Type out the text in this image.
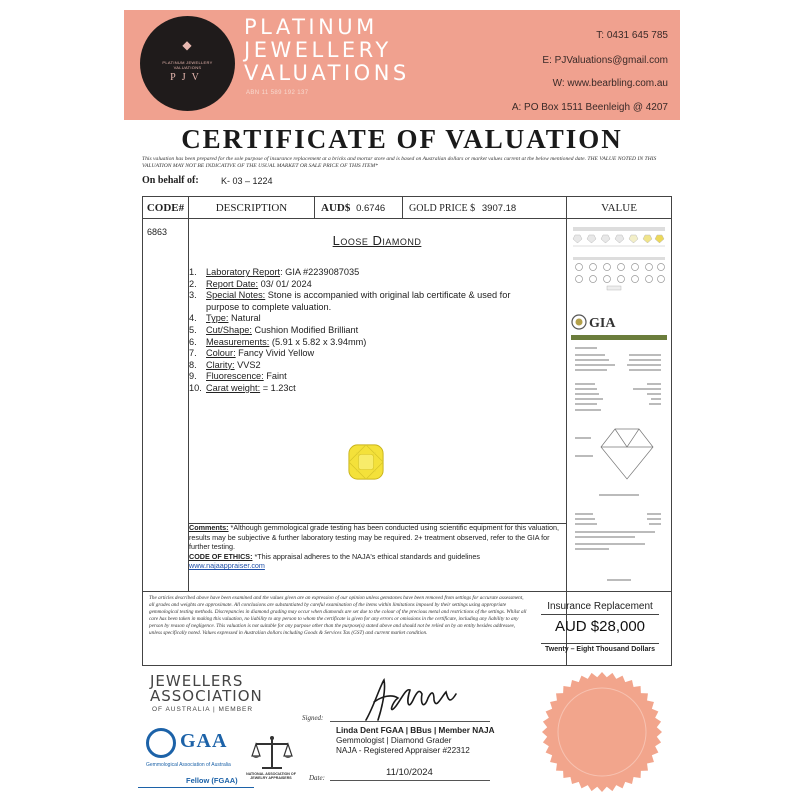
◆
PLATINUM JEWELLERY VALUATIONS
PJV
PLATINUM
JEWELLERY
VALUATIONS
ABN 11 589 192 137
T: 0431 645 785
E: PJValuations@gmail.com
W: www.bearbling.com.au
A: PO Box 1511 Beenleigh @ 4207
CERTIFICATE OF VALUATION
This valuation has been prepared for the sole purpose of insurance replacement at a bricks and mortar store and is based on Australian dollars or market values current at the below mentioned date. THE VALUE NOTED IN THIS VALUATION MAY NOT BE INDICATIVE OF THE USUAL MARKET OR SALE PRICE OF THIS ITEM*
On behalf of: K- 03 – 1224
CODE#	DESCRIPTION	AUD$ 0.6746	GOLD PRICE $ 3907.18	VALUE
6863
Loose Diamond
1.	Laboratory Report: GIA #2239087035
2.	Report Date: 03/ 01/ 2024
3.	Special Notes: Stone is accompanied with original lab certificate & used for purpose to complete valuation.
4.	Type: Natural
5.	Cut/Shape: Cushion Modified Brilliant
6.	Measurements: (5.91 x 5.82 x 3.94mm)
7.	Colour: Fancy Vivid Yellow
8.	Clarity: VVS2
9.	Fluorescence: Faint
10. Carat weight: = 1.23ct
Comments: *Although gemmological grade testing has been conducted using scientific equipment for this valuation, results may be subjective & further laboratory testing may be required. 2+ treatment observed, refer to the GIA for further testing.
CODE OF ETHICS: *This appraisal adheres to the NAJA's ethical standards and guidelines
www.najaappraiser.com
The articles described above have been examined and the values given are an expression of our opinion unless gemstones have been removed from settings for accurate assessment, all grades and weights are approximate. All conclusions are substantiated by careful examination of the items within limitations imposed by their settings using appropriate gemmological testing methods. Discrepancies in diamond grading may occur when diamonds are set due to the colour of the precious metal and restrictions of the settings. Whilst all care has been taken in making this valuation, no liability to any person to whom the certificate is given for any errors or omissions in the certificate, including any liability to any person by reason of negligence. This valuation is not suitable for any purpose other than the purpose(s) stated above and should not be relied on by an entity besides addressee, unless specifically noted. Values expressed in Australian dollars including Goods & Services Tax (GST) and current market condition.
GIA
Insurance Replacement
AUD $28,000
Twenty – Eight Thousand Dollars
JEWELLERS
ASSOCIATION
OF AUSTRALIA | MEMBER
GAA
Gemmological Association of Australia
Fellow (FGAA)
NATIONAL ASSOCIATION OF JEWELRY APPRAISERS
Signed:
Linda Dent FGAA | BBus | Member NAJA
Gemmologist | Diamond Grader
NAJA - Registered Appraiser #22312
Date:	11/10/2024
